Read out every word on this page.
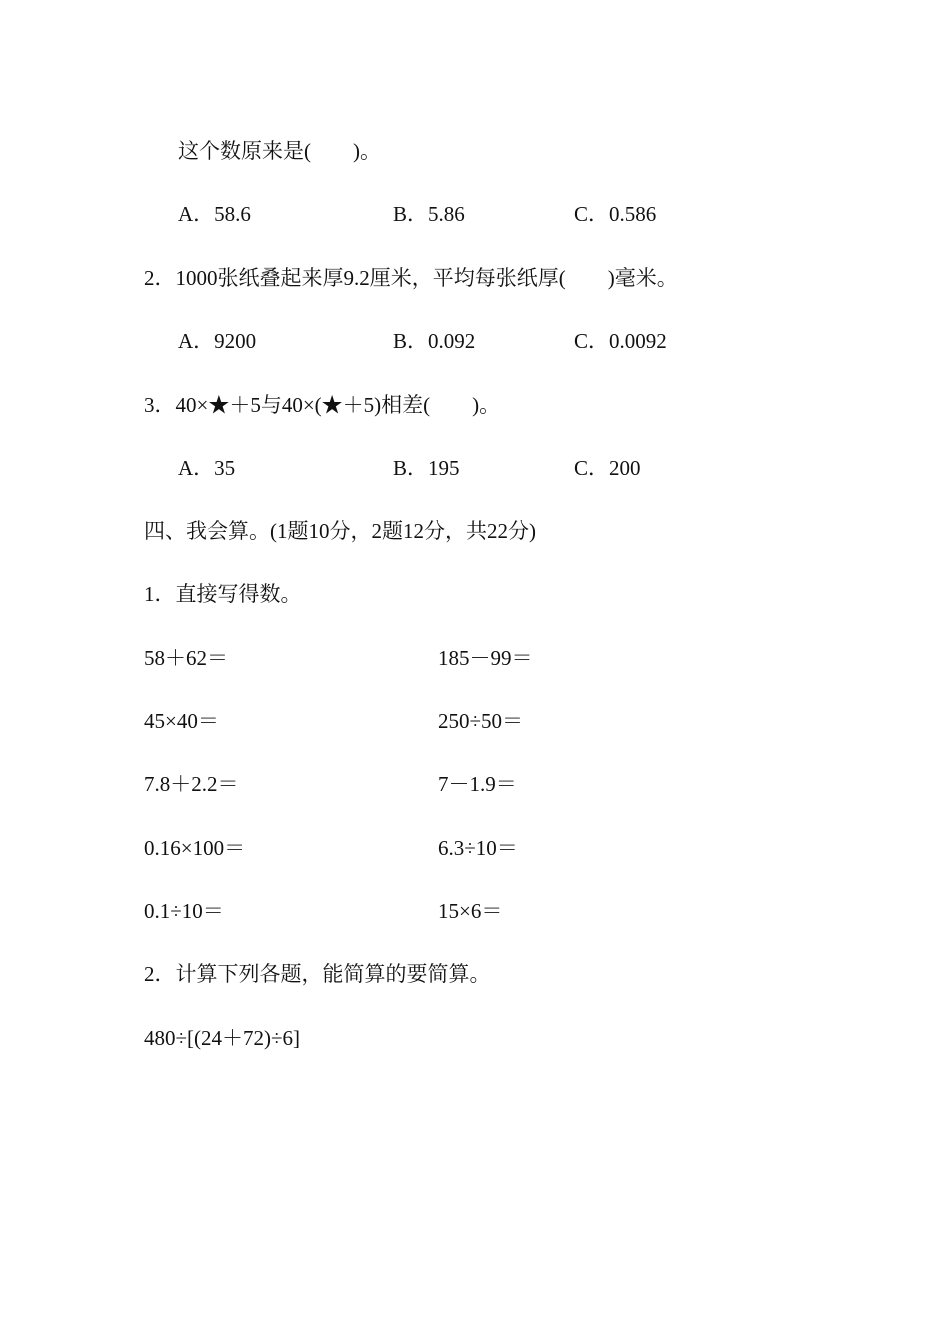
这个数原来是(　　)。
A．58.6	B．5.86	C．0.586
2．1000张纸叠起来厚9.2厘米，平均每张纸厚(　　)毫米。
A．9200	B．0.092	C．0.0092
3．40×★＋5与40×(★＋5)相差(　　)。
A．35	B．195	C．200
四、我会算。(1题10分，2题12分，共22分)
1．直接写得数。
58＋62＝	185－99＝
45×40＝	250÷50＝
7.8＋2.2＝	7－1.9＝
0.16×100＝	6.3÷10＝
0.1÷10＝	15×6＝
2．计算下列各题，能简算的要简算。
480÷[(24＋72)÷6]
